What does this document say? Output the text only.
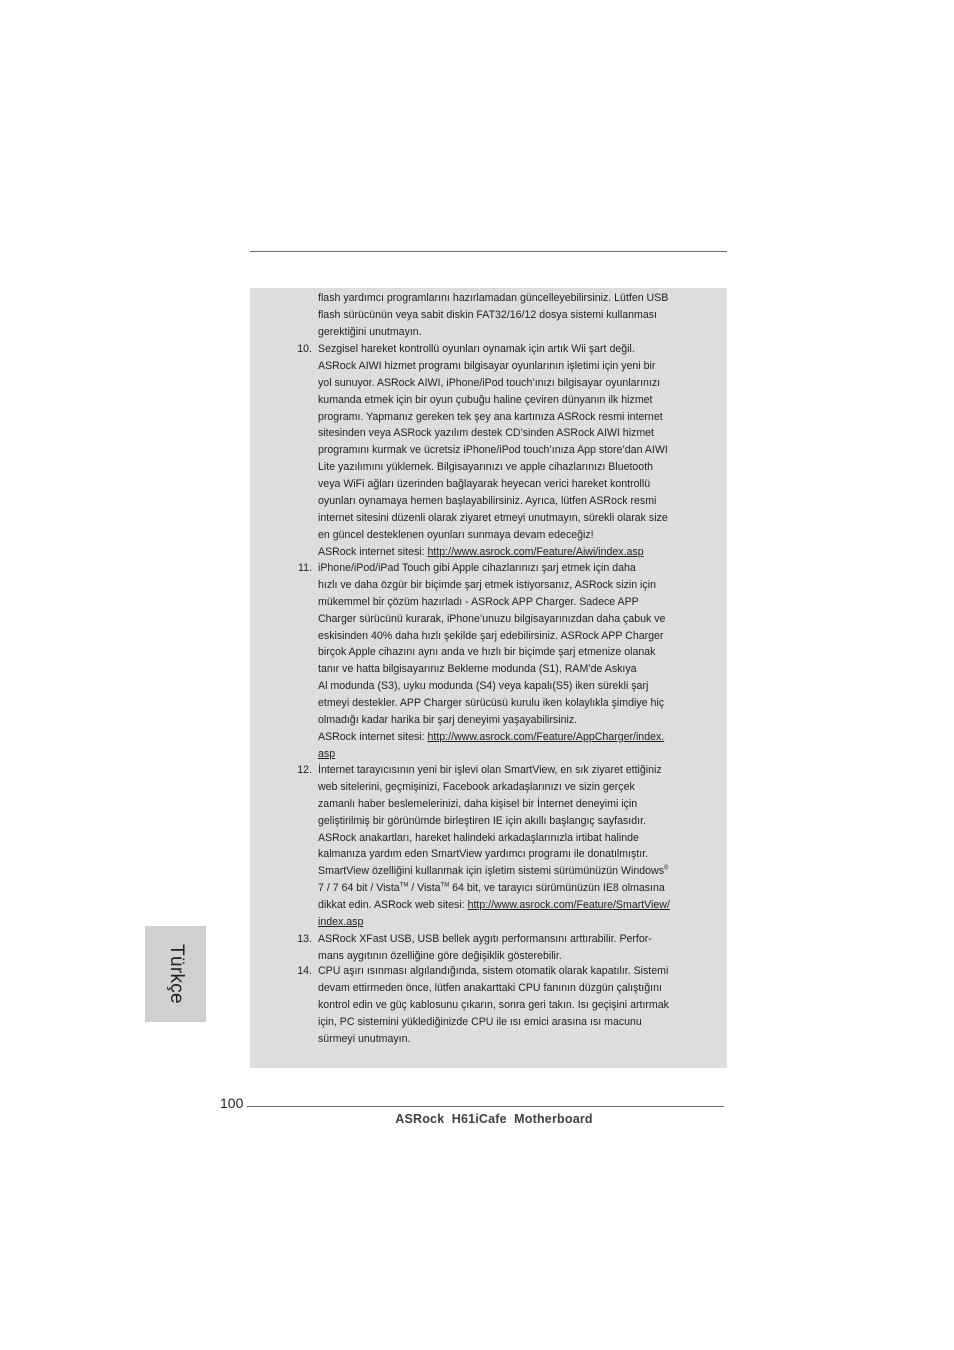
flash yardımcı programlarını hazırlamadan güncelleyebilirsiniz. Lütfen USB
flash sürücünün veya sabit diskin FAT32/16/12 dosya sistemi kullanması
gerektiğini unutmayın.
10. Sezgisel hareket kontrollü oyunları oynamak için artık Wii şart değil.
ASRock AIWI hizmet programı bilgisayar oyunlarının işletimi için yeni bir
yol sunuyor. ASRock AIWI, iPhone/iPod touch’ınızı bilgisayar oyunlarınızı
kumanda etmek için bir oyun çubuğu haline çeviren dünyanın ilk hizmet
programı. Yapmanız gereken tek şey ana kartınıza ASRock resmi internet
sitesinden veya ASRock yazılım destek CD’sinden ASRock AIWI hizmet
programını kurmak ve ücretsiz iPhone/iPod touch’ınıza App store’dan AIWI
Lite yazılımını yüklemek. Bilgisayarınızı ve apple cihazlarınızı Bluetooth
veya WiFi ağları üzerinden bağlayarak heyecan verici hareket kontrollü
oyunları oynamaya hemen başlayabilirsiniz. Ayrıca, lütfen ASRock resmi
internet sitesini düzenli olarak ziyaret etmeyi unutmayın, sürekli olarak size
en güncel desteklenen oyunları sunmaya devam edeceğiz!
ASRock internet sitesi: http://www.asrock.com/Feature/Aiwi/index.asp
11. iPhone/iPod/iPad Touch gibi Apple cihazlarınızı şarj etmek için daha
hızlı ve daha özgür bir biçimde şarj etmek istiyorsanız, ASRock sizin için
mükemmel bir çözüm hazırladı - ASRock APP Charger. Sadece APP
Charger sürücünü kurarak, iPhone’unuzu bilgisayarınızdan daha çabuk ve
eskisinden 40% daha hızlı şekilde şarj edebilirsiniz. ASRock APP Charger
birçok Apple cihazını aynı anda ve hızlı bir biçimde şarj etmenize olanak
tanır ve hatta bilgisayarınız Bekleme modunda (S1), RAM’de Askıya
Al modunda (S3), uyku modunda (S4) veya kapalı(S5) iken sürekli şarj
etmeyi destekler. APP Charger sürücüsü kurulu iken kolaylıkla şimdiye hiç
olmadığı kadar harika bir şarj deneyimi yaşayabilirsiniz.
ASRock internet sitesi: http://www.asrock.com/Feature/AppCharger/index.
asp
12. İnternet tarayıcısının yeni bir işlevi olan SmartView, en sık ziyaret ettiğiniz
web sitelerini, geçmişinizi, Facebook arkadaşlarınızı ve sizin gerçek
zamanlı haber beslemelerinizi, daha kişisel bir İnternet deneyimi için
geliştirilmiş bir görünümde birleştiren IE için akıllı başlangıç sayfasıdır.
ASRock anakartları, hareket halindeki arkadaşlarınızla irtibat halinde
kalmanıza yardım eden SmartView yardımcı programı ile donatılmıştır.
SmartView özelliğini kullanmak için işletim sistemi sürümünüzün Windows®
7 / 7 64 bit / Vista™ / Vista™ 64 bit, ve tarayıcı sürümünüzün IE8 olmasına
dikkat edin. ASRock web sitesi: http://www.asrock.com/Feature/SmartView/
index.asp
13. ASRock XFast USB, USB bellek aygıtı performansını arttırabilir. Perfor-
mans aygıtının özelliğine göre değişiklik gösterebilir.
14. CPU aşırı ısınması algılandığında, sistem otomatik olarak kapatılır. Sistemi
devam ettirmeden önce, lütfen anakarttaki CPU fanının düzgün çalıştığını
kontrol edin ve güç kablosunu çıkarın, sonra geri takın. Isı geçişini artırmak
için, PC sistemini yüklediğinizde CPU ile ısı emici arasına ısı macunu
sürmeyi unutmayın.
Türkçe
100
ASRock  H61iCafe  Motherboard
